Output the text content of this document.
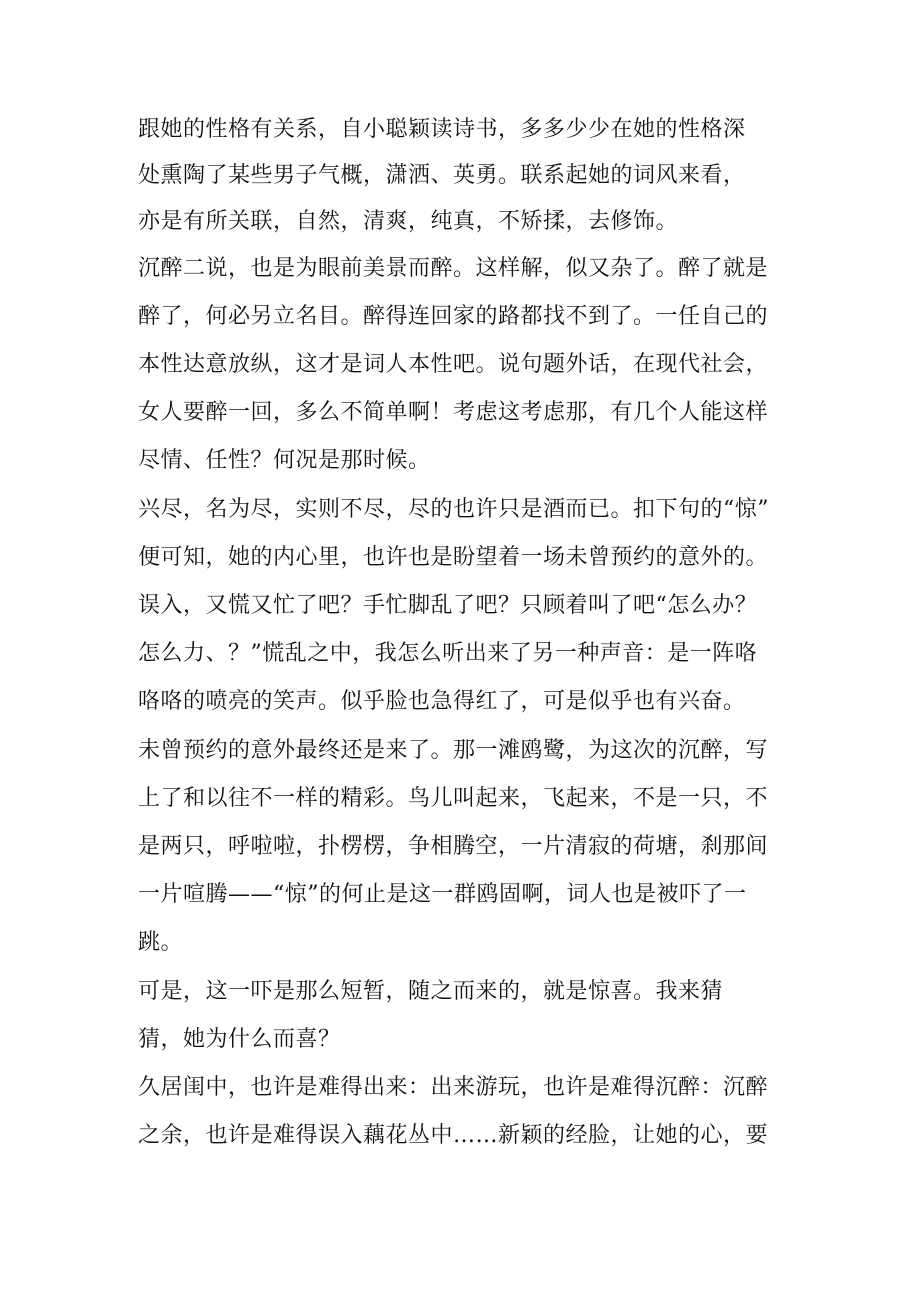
跟她的性格有关系，自小聪颖读诗书，多多少少在她的性格深
处熏陶了某些男子气概，潇洒、英勇。联系起她的词风来看，
亦是有所关联，自然，清爽，纯真，不矫揉，去修饰。
沉醉二说，也是为眼前美景而醉。这样解，似又杂了。醉了就是
醉了，何必另立名目。醉得连回家的路都找不到了。一任自己的
本性达意放纵，这才是词人本性吧。说句题外话，在现代社会，
女人要醉一回，多么不简单啊！考虑这考虑那，有几个人能这样
尽情、任性？何况是那时候。
兴尽，名为尽，实则不尽，尽的也许只是酒而已。扣下句的“惊”
便可知，她的内心里，也许也是盼望着一场未曾预约的意外的。
误入，又慌又忙了吧？手忙脚乱了吧？只顾着叫了吧“怎么办？
怎么力、？”慌乱之中，我怎么听出来了另一种声音：是一阵咯
咯咯的喷亮的笑声。似乎脸也急得红了，可是似乎也有兴奋。
未曾预约的意外最终还是来了。那一滩鸥鹭，为这次的沉醉，写
上了和以往不一样的精彩。鸟儿叫起来，飞起来，不是一只，不
是两只，呼啦啦，扑楞楞，争相腾空，一片清寂的荷塘，刹那间
一片喧腾——“惊”的何止是这一群鸥固啊，词人也是被吓了一
跳。
可是，这一吓是那么短暂，随之而来的，就是惊喜。我来猜
猜，她为什么而喜？
久居闺中，也许是难得出来：出来游玩，也许是难得沉醉：沉醉
之余，也许是难得误入藕花丛中……新颖的经脸，让她的心，要
